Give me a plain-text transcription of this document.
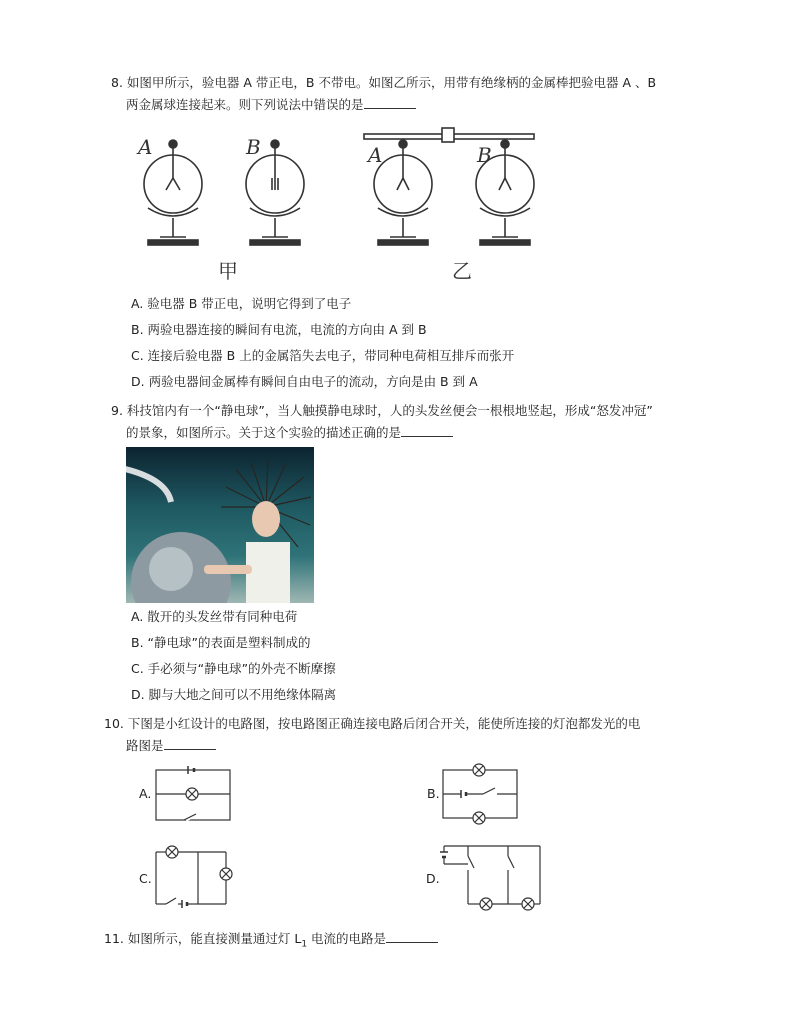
8. 如图甲所示，验电器 A 带正电，B 不带电。如图乙所示，用带有绝缘柄的金属棒把验电器 A 、B
两金属球连接起来。则下列说法中错误的是
A	B	A	B
甲	乙
A. 验电器 B 带正电，说明它得到了电子
B. 两验电器连接的瞬间有电流，电流的方向由 A 到 B
C. 连接后验电器 B 上的金属箔失去电子，带同种电荷相互排斥而张开
D. 两验电器间金属棒有瞬间自由电子的流动，方向是由 B 到 A
9. 科技馆内有一个“静电球”，当人触摸静电球时，人的头发丝便会一根根地竖起，形成“怒发冲冠”
的景象，如图所示。关于这个实验的描述正确的是
A. 散开的头发丝带有同种电荷
B. “静电球”的表面是塑料制成的
C. 手必须与“静电球”的外壳不断摩擦
D. 脚与大地之间可以不用绝缘体隔离
10. 下图是小红设计的电路图，按电路图正确连接电路后闭合开关，能使所连接的灯泡都发光的电
路图是
A.	B.
C.	D.
11. 如图所示，能直接测量通过灯 $L_1$ 电流的电路是
